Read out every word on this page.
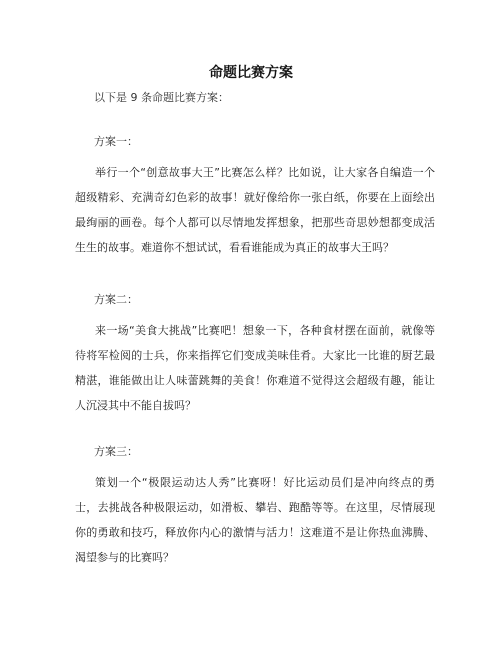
命题比赛方案
以下是 9 条命题比赛方案：
方案一：
举行一个“创意故事大王”比赛怎么样？比如说，让大家各自编造一个超级精彩、充满奇幻色彩的故事！就好像给你一张白纸，你要在上面绘出最绚丽的画卷。每个人都可以尽情地发挥想象，把那些奇思妙想都变成活生生的故事。难道你不想试试，看看谁能成为真正的故事大王吗？
方案二：
来一场“美食大挑战”比赛吧！想象一下，各种食材摆在面前，就像等待将军检阅的士兵，你来指挥它们变成美味佳肴。大家比一比谁的厨艺最精湛，谁能做出让人味蕾跳舞的美食！你难道不觉得这会超级有趣，能让人沉浸其中不能自拔吗？
方案三：
策划一个“极限运动达人秀”比赛呀！好比运动员们是冲向终点的勇士，去挑战各种极限运动，如滑板、攀岩、跑酷等等。在这里，尽情展现你的勇敢和技巧，释放你内心的激情与活力！这难道不是让你热血沸腾、渴望参与的比赛吗？
